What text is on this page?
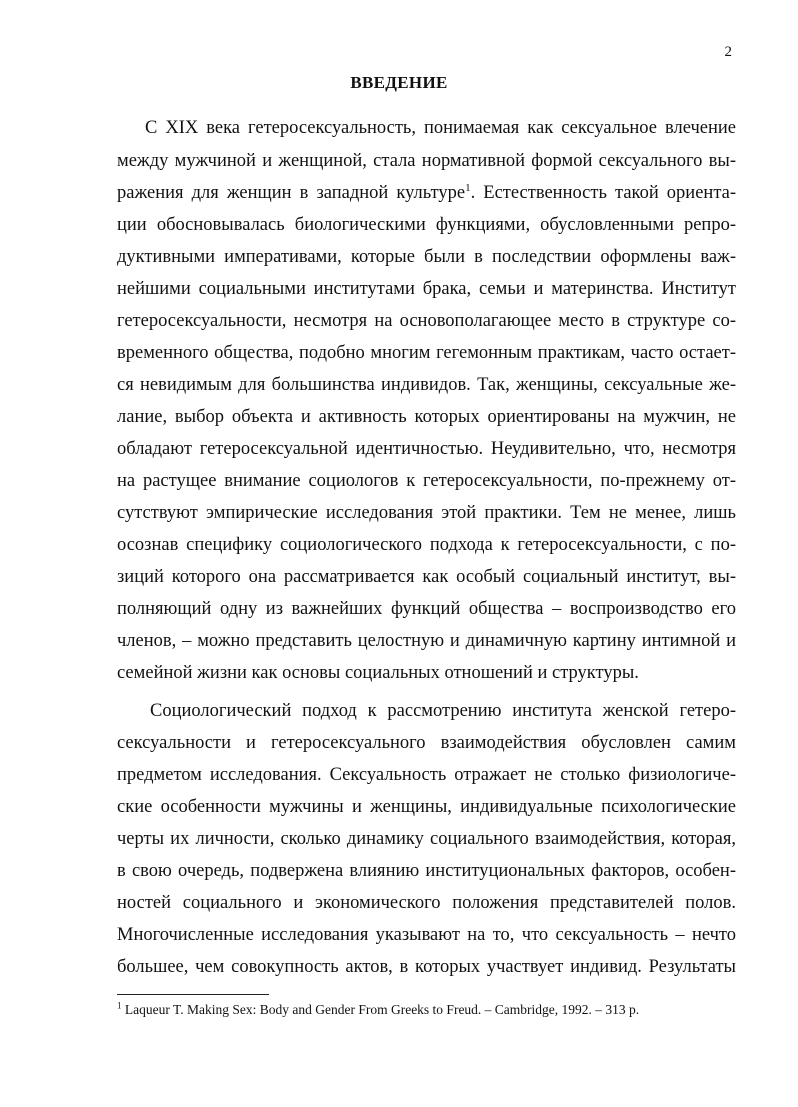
2
ВВЕДЕНИЕ
С XIX века гетеросексуальность, понимаемая как сексуальное влечение
между мужчиной и женщиной, стала нормативной формой сексуального вы-
ражения для женщин в западной культуре$^1$. Естественность такой ориента-
ции обосновывалась биологическими функциями, обусловленными репро-
дуктивными императивами, которые были в последствии оформлены важ-
нейшими социальными институтами брака, семьи и материнства. Институт
гетеросексуальности, несмотря на основополагающее место в структуре со-
временного общества, подобно многим гегемонным практикам, часто остает-
ся невидимым для большинства индивидов. Так, женщины, сексуальные же-
лание, выбор объекта и активность которых ориентированы на мужчин, не
обладают гетеросексуальной идентичностью. Неудивительно, что, несмотря
на растущее внимание социологов к гетеросексуальности, по-прежнему от-
сутствуют эмпирические исследования этой практики. Тем не менее, лишь
осознав специфику социологического подхода к гетеросексуальности, с по-
зиций которого она рассматривается как особый социальный институт, вы-
полняющий одну из важнейших функций общества – воспроизводство его
членов, – можно представить целостную и динамичную картину интимной и
семейной жизни как основы социальных отношений и структуры.
Социологический подход к рассмотрению института женской гетеро-
сексуальности и гетеросексуального взаимодействия обусловлен самим
предметом исследования. Сексуальность отражает не столько физиологиче-
ские особенности мужчины и женщины, индивидуальные психологические
черты их личности, сколько динамику социального взаимодействия, которая,
в свою очередь, подвержена влиянию институциональных факторов, особен-
ностей социального и экономического положения представителей полов.
Многочисленные исследования указывают на то, что сексуальность – нечто
большее, чем совокупность актов, в которых участвует индивид. Результаты
$^1$ Laqueur T. Making Sex: Body and Gender From Greeks to Freud. – Cambridge, 1992. – 313 p.
